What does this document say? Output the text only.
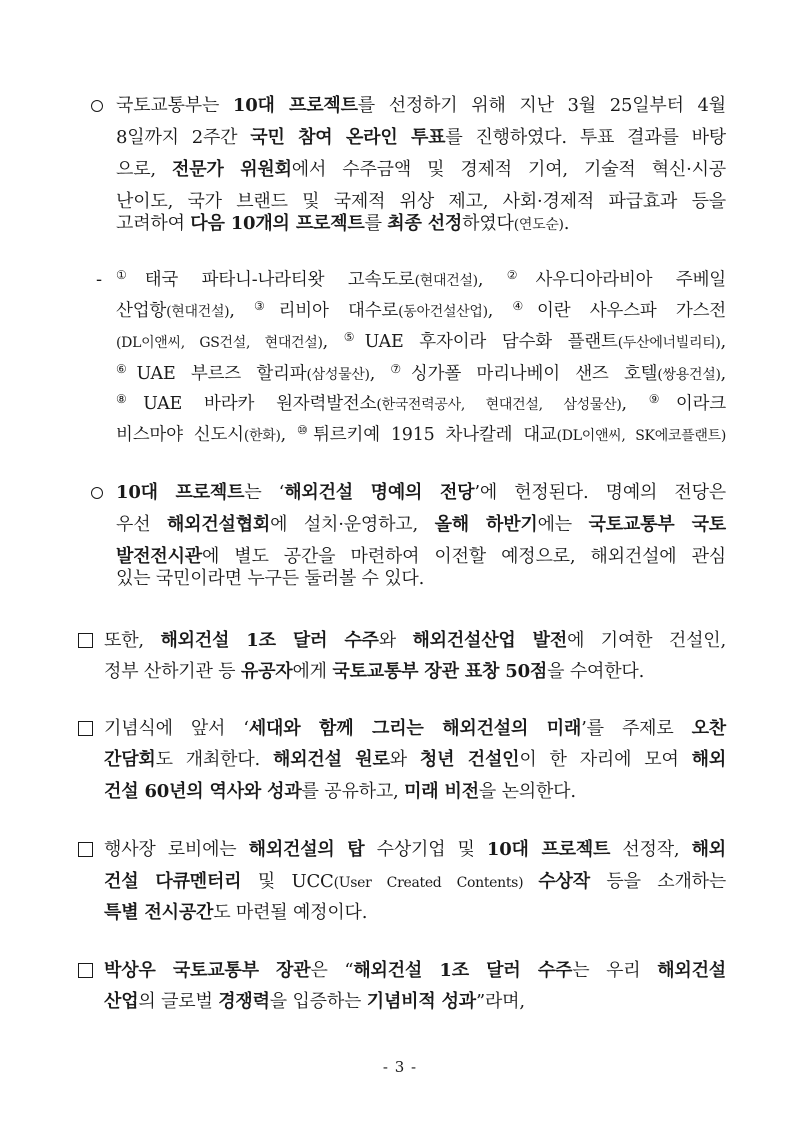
국토교통부는 10대 프로젝트를 선정하기 위해 지난 3월 25일부터 4월
8일까지 2주간 국민 참여 온라인 투표를 진행하였다. 투표 결과를 바탕
으로, 전문가 위원회에서 수주금액 및 경제적 기여, 기술적 혁신·시공
난이도, 국가 브랜드 및 국제적 위상 제고, 사회·경제적 파급효과 등을
고려하여 다음 10개의 프로젝트를 최종 선정하였다(연도순).
- ①태국 파타니-나라티왓 고속도로(현대건설), ②사우디아라비아 주베일
산업항(현대건설), ③리비아 대수로(동아건설산업), ④이란 사우스파 가스전
(DL이앤씨, GS건설, 현대건설), ⑤UAE 후자이라 담수화 플랜트(두산에너빌리티),
⑥UAE 부르즈 할리파(삼성물산), ⑦싱가폴 마리나베이 샌즈 호텔(쌍용건설),
⑧UAE 바라카 원자력발전소(한국전력공사, 현대건설, 삼성물산), ⑨이라크
비스마야 신도시(한화), ⑩튀르키예 1915 차나칼레 대교(DL이앤씨, SK에코플랜트)
10대 프로젝트는 ‘해외건설 명예의 전당’에 헌정된다. 명예의 전당은
우선 해외건설협회에 설치·운영하고, 올해 하반기에는 국토교통부 국토
발전전시관에 별도 공간을 마련하여 이전할 예정으로, 해외건설에 관심
있는 국민이라면 누구든 둘러볼 수 있다.
또한, 해외건설 1조 달러 수주와 해외건설산업 발전에 기여한 건설인,
정부 산하기관 등 유공자에게 국토교통부 장관 표창 50점을 수여한다.
기념식에 앞서 ‘세대와 함께 그리는 해외건설의 미래’를 주제로 오찬
간담회도 개최한다. 해외건설 원로와 청년 건설인이 한 자리에 모여 해외
건설 60년의 역사와 성과를 공유하고, 미래 비전을 논의한다.
행사장 로비에는 해외건설의 탑 수상기업 및 10대 프로젝트 선정작, 해외
건설 다큐멘터리 및 UCC(User Created Contents) 수상작 등을 소개하는
특별 전시공간도 마련될 예정이다.
박상우 국토교통부 장관은 “해외건설 1조 달러 수주는 우리 해외건설
산업의 글로벌 경쟁력을 입증하는 기념비적 성과”라며,
- 3 -
